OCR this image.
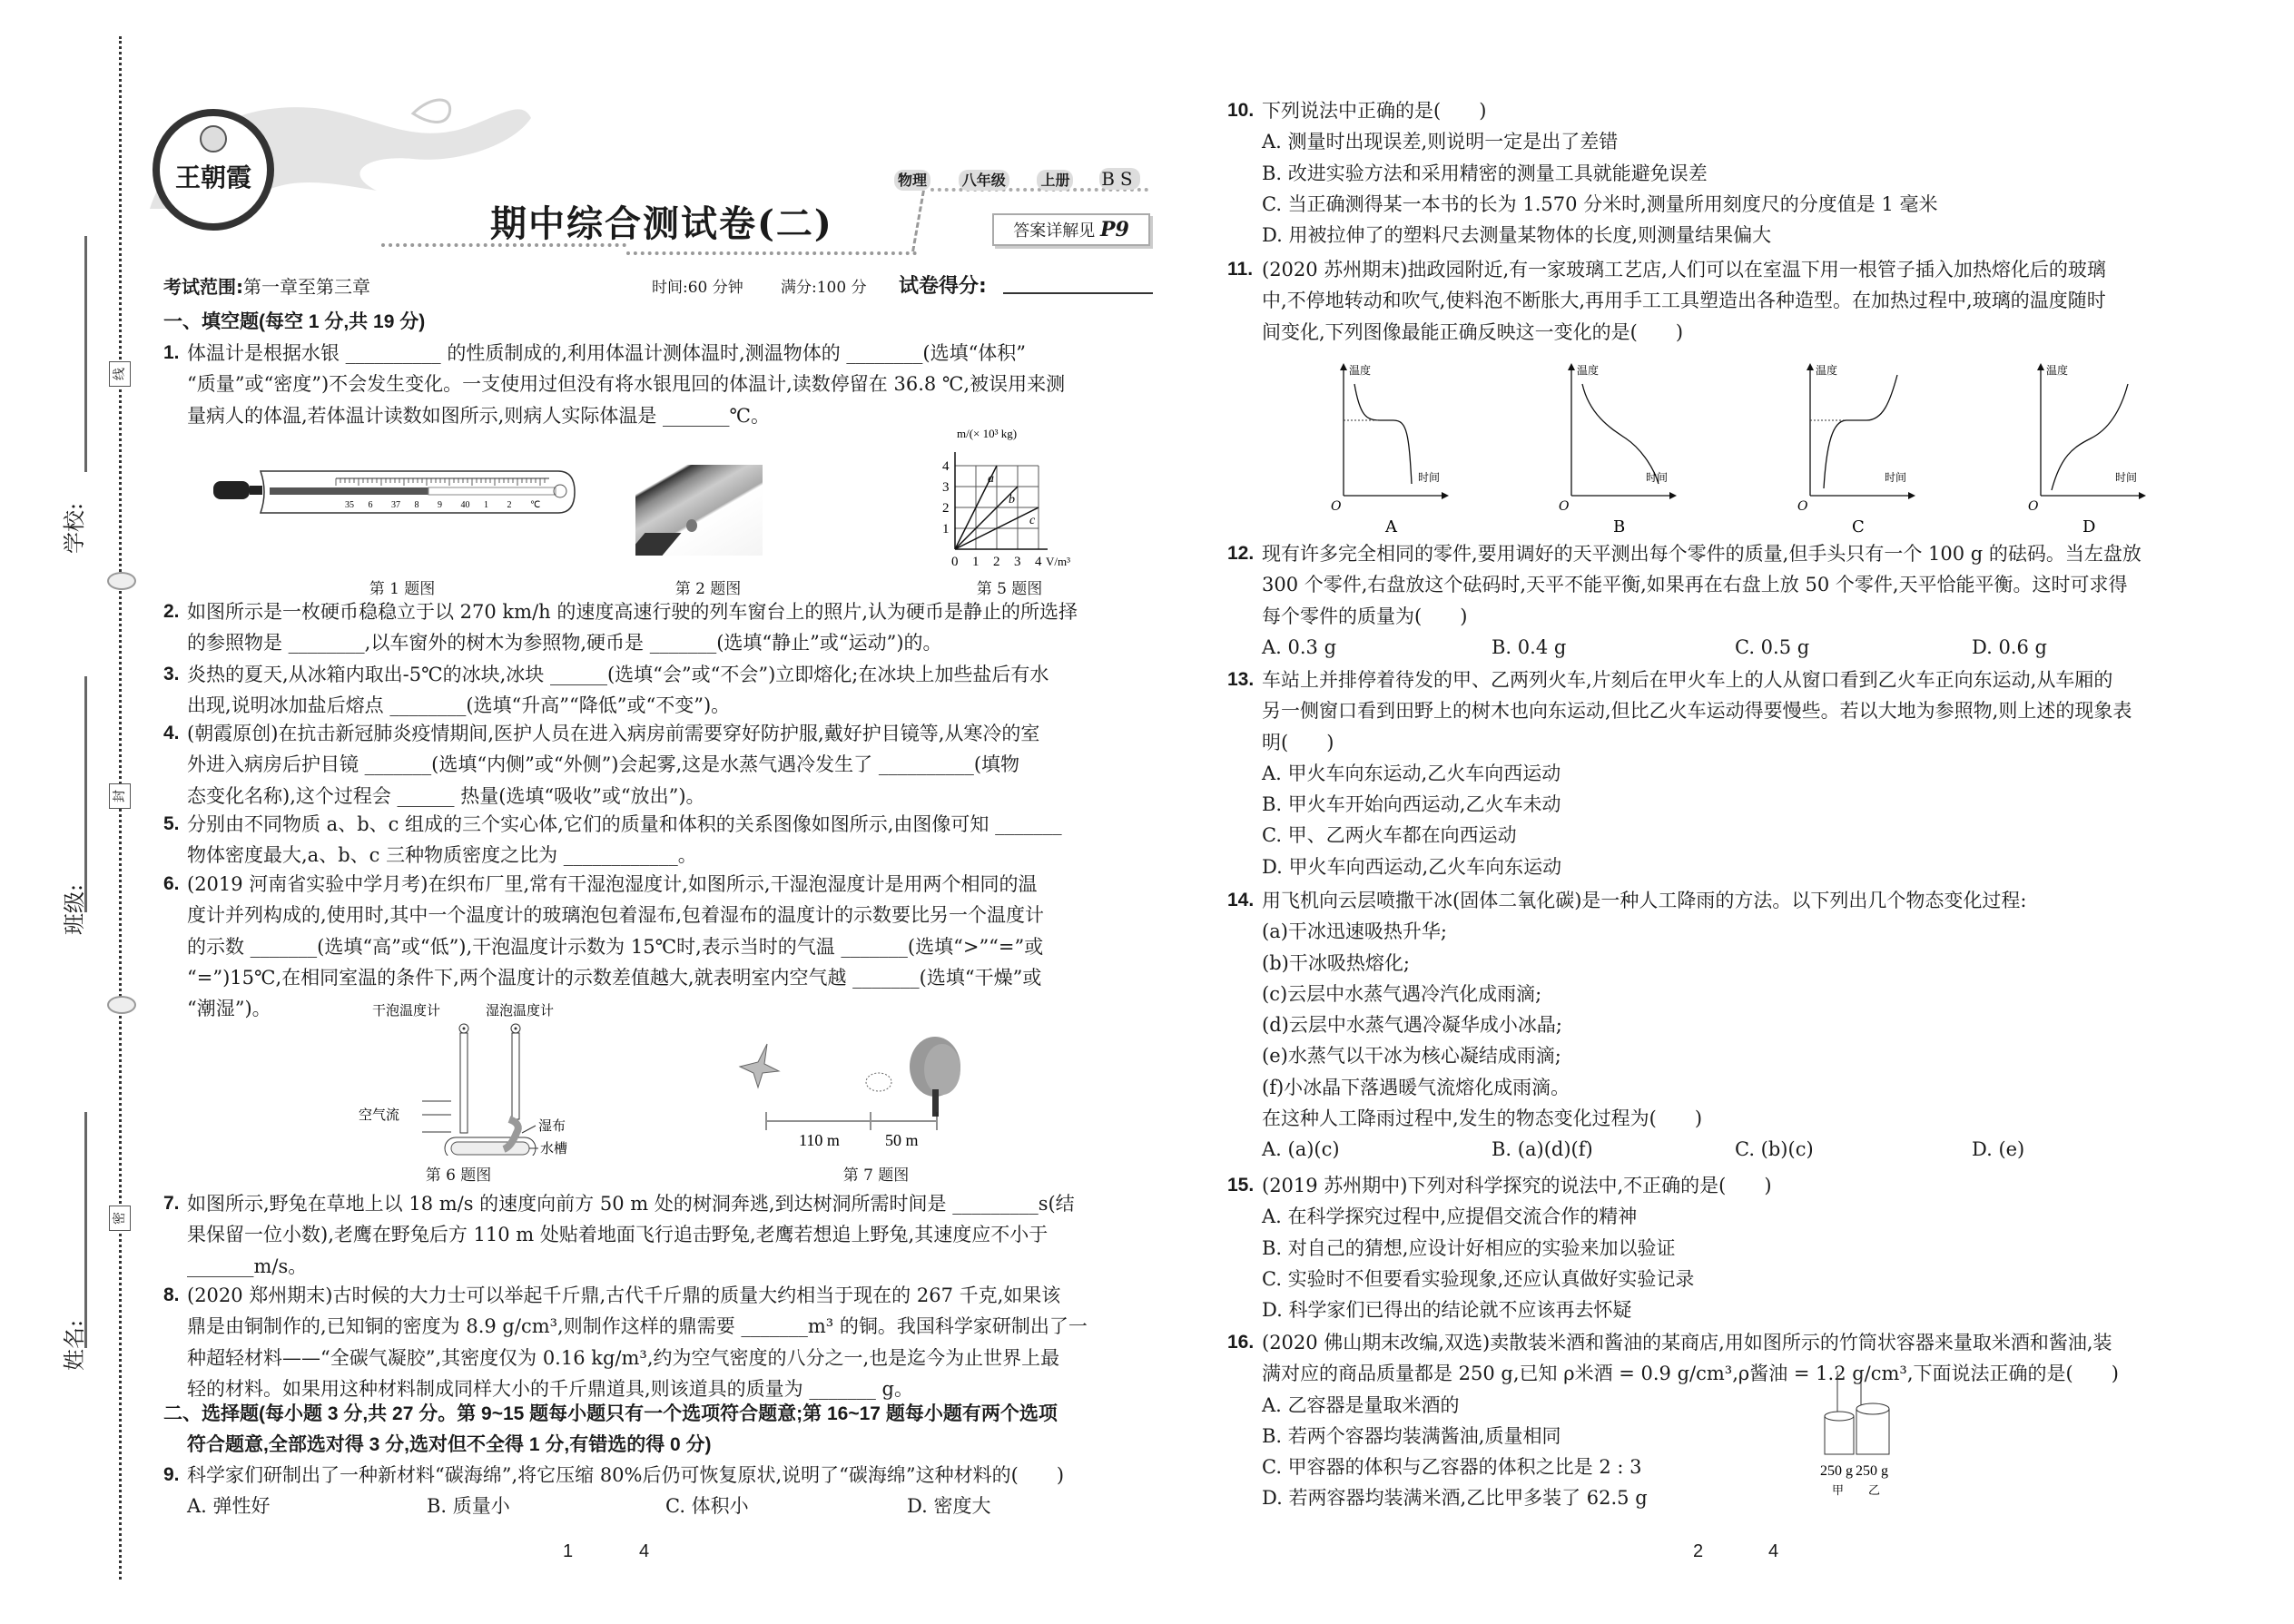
学校:
班级:
姓名:
线
封
密
王朝霞
期中综合测试卷(二)
物理 八年级 上册 BS
答案详解见 P9
考试范围:第一章至第三章	时间:60 分钟 满分:100 分 试卷得分:
一、填空题(每空 1 分,共 19 分)
1. 体温计是根据水银 __________ 的性质制成的,利用体温计测体温时,测温物体的 ________(选填“体积”
“质量”或“密度”)不会发生变化。一支使用过但没有将水银甩回的体温计,读数停留在 36.8 ℃,被误用来测
量病人的体温,若体温计读数如图所示,则病人实际体温是 _______℃。
35 6 37 8 9 40 1 2 ℃
第 1 题图	第 2 题图
0 1
1
2
2
3
3
4
4
a
b
c
m/(× 10³ kg)
V/m³
第 5 题图
2. 如图所示是一枚硬币稳稳立于以 270 km/h 的速度高速行驶的列车窗台上的照片,认为硬币是静止的所选择
的参照物是 ________,以车窗外的树木为参照物,硬币是 _______(选填“静止”或“运动”)的。
3. 炎热的夏天,从冰箱内取出-5℃的冰块,冰块 ______(选填“会”或“不会”)立即熔化;在冰块上加些盐后有水
出现,说明冰加盐后熔点 ________(选填“升高”“降低”或“不变”)。
4. (朝霞原创)在抗击新冠肺炎疫情期间,医护人员在进入病房前需要穿好防护服,戴好护目镜等,从寒冷的室
外进入病房后护目镜 _______(选填“内侧”或“外侧”)会起雾,这是水蒸气遇冷发生了 __________(填物
态变化名称),这个过程会 ______ 热量(选填“吸收”或“放出”)。
5. 分别由不同物质 a、b、c 组成的三个实心体,它们的质量和体积的关系图像如图所示,由图像可知 _______
物体密度最大,a、b、c 三种物质密度之比为 ____________。
6. (2019 河南省实验中学月考)在织布厂里,常有干湿泡湿度计,如图所示,干湿泡湿度计是用两个相同的温
度计并列构成的,使用时,其中一个温度计的玻璃泡包着湿布,包着湿布的温度计的示数要比另一个温度计
的示数 _______(选填“高”或“低”),干泡温度计示数为 15℃时,表示当时的气温 _______(选填“>”“=”或
“=”)15℃,在相同室温的条件下,两个温度计的示数差值越大,就表明室内空气越 _______(选填“干燥”或
“潮湿”)。	干泡温度计	湿泡温度计
空气流
湿布
水槽
第 6 题图
110 m	50 m
第 7 题图
7. 如图所示,野兔在草地上以 18 m/s 的速度向前方 50 m 处的树洞奔逃,到达树洞所需时间是 _________s(结
果保留一位小数),老鹰在野兔后方 110 m 处贴着地面飞行追击野兔,老鹰若想追上野兔,其速度应不小于
_______m/s。
8. (2020 郑州期末)古时候的大力士可以举起千斤鼎,古代千斤鼎的质量大约相当于现在的 267 千克,如果该
鼎是由铜制作的,已知铜的密度为 8.9 g/cm³,则制作这样的鼎需要 _______m³ 的铜。我国科学家研制出了一
种超轻材料——“全碳气凝胶”,其密度仅为 0.16 kg/m³,约为空气密度的八分之一,也是迄今为止世界上最
轻的材料。如果用这种材料制成同样大小的千斤鼎道具,则该道具的质量为 _______ g。
二、选择题(每小题 3 分,共 27 分。第 9~15 题每小题只有一个选项符合题意;第 16~17 题每小题有两个选项
符合题意,全部选对得 3 分,选对但不全得 1 分,有错选的得 0 分)
9. 科学家们研制出了一种新材料“碳海绵”,将它压缩 80%后仍可恢复原状,说明了“碳海绵”这种材料的(　　)
A. 弹性好	B. 质量小	C. 体积小	D. 密度大
1	4
10. 下列说法中正确的是(　　)
A. 测量时出现误差,则说明一定是出了差错
B. 改进实验方法和采用精密的测量工具就能避免误差
C. 当正确测得某一本书的长为 1.570 分米时,测量所用刻度尺的分度值是 1 毫米
D. 用被拉伸了的塑料尺去测量某物体的长度,则测量结果偏大
11. (2020 苏州期末)拙政园附近,有一家玻璃工艺店,人们可以在室温下用一根管子插入加热熔化后的玻璃
中,不停地转动和吹气,使料泡不断胀大,再用手工工具塑造出各种造型。在加热过程中,玻璃的温度随时
间变化,下列图像最能正确反映这一变化的是(　　)
温度
时间
O
A
温度
时间
O
B
温度
时间
O
C
温度
时间
O
D
12. 现有许多完全相同的零件,要用调好的天平测出每个零件的质量,但手头只有一个 100 g 的砝码。当左盘放
300 个零件,右盘放这个砝码时,天平不能平衡,如果再在右盘上放 50 个零件,天平恰能平衡。这时可求得
每个零件的质量为(　　)
A. 0.3 g	B. 0.4 g	C. 0.5 g	D. 0.6 g
13. 车站上并排停着待发的甲、乙两列火车,片刻后在甲火车上的人从窗口看到乙火车正向东运动,从车厢的
另一侧窗口看到田野上的树木也向东运动,但比乙火车运动得要慢些。若以大地为参照物,则上述的现象表
明(　　)
A. 甲火车向东运动,乙火车向西运动
B. 甲火车开始向西运动,乙火车未动
C. 甲、乙两火车都在向西运动
D. 甲火车向西运动,乙火车向东运动
14. 用飞机向云层喷撒干冰(固体二氧化碳)是一种人工降雨的方法。以下列出几个物态变化过程:
(a)干冰迅速吸热升华;
(b)干冰吸热熔化;
(c)云层中水蒸气遇冷汽化成雨滴;
(d)云层中水蒸气遇冷凝华成小冰晶;
(e)水蒸气以干冰为核心凝结成雨滴;
(f)小冰晶下落遇暖气流熔化成雨滴。
在这种人工降雨过程中,发生的物态变化过程为(　　)
A. (a)(c)	B. (a)(d)(f)	C. (b)(c)	D. (e)
15. (2019 苏州期中)下列对科学探究的说法中,不正确的是(　　)
A. 在科学探究过程中,应提倡交流合作的精神
B. 对自己的猜想,应设计好相应的实验来加以验证
C. 实验时不但要看实验现象,还应认真做好实验记录
D. 科学家们已得出的结论就不应该再去怀疑
16. (2020 佛山期末改编,双选)卖散装米酒和酱油的某商店,用如图所示的竹筒状容器来量取米酒和酱油,装
满对应的商品质量都是 250 g,已知 ρ米酒 = 0.9 g/cm³,ρ酱油 = 1.2 g/cm³,下面说法正确的是(　　)
A. 乙容器是量取米酒的
B. 若两个容器均装满酱油,质量相同
C. 甲容器的体积与乙容器的体积之比是 2 : 3
D. 若两容器均装满米酒,乙比甲多装了 62.5 g
250 g 250 g
甲 乙
2	4
